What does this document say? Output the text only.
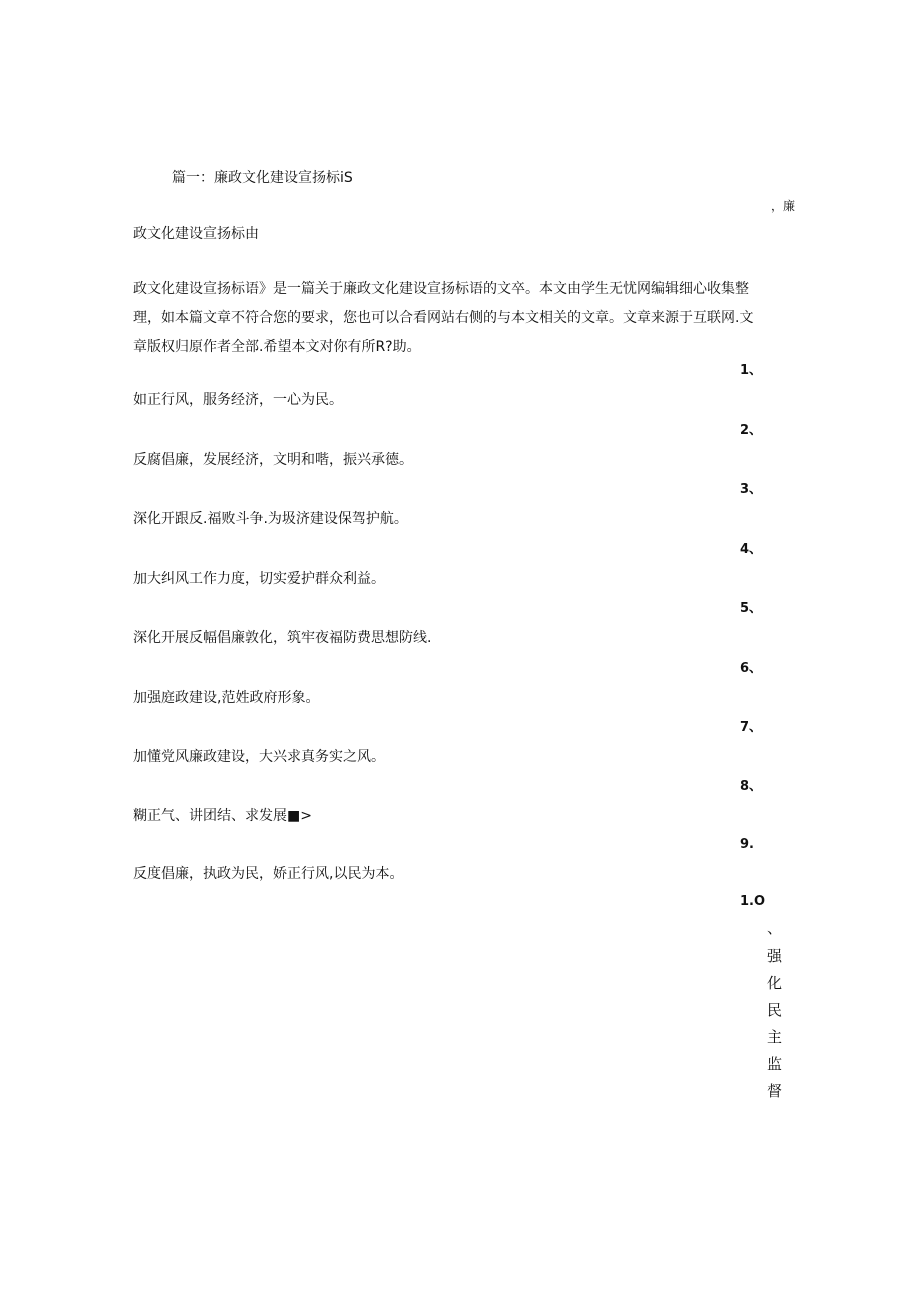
篇一：廉政文化建设宣扬标iS

，廉

政文化建设宣扬标由

政文化建设宣扬标语》是一篇关于廉政文化建设宣扬标语的文卒。本文由学生无忧网编辑细心收集整
理，如本篇文章不符合您的要求，您也可以合看网站右侧的与本文相关的文章。文章来源于互联网.文
章版权归原作者全部.希望本文对你有所R?助。
1、
如正行风，服务经济，一心为民。
2、
反腐倡廉，发展经济，文明和喈，振兴承德。
3、
深化开跟反.福败斗争.为圾济建设保驾护航。
4、
加大纠风工作力度，切实爱护群众利益。
5、
深化开展反幅倡廉敦化，筑牢夜福防费思想防线.
6、
加强庭政建设,范姓政府形象。
7、
加懂党风廉政建设，大兴求真务实之风。
8、
糊正气、讲团结、求发展■>
9.
反度倡廉，执政为民，娇正行风,以民为本。
1.O
、
强
化
民
主
监
督
